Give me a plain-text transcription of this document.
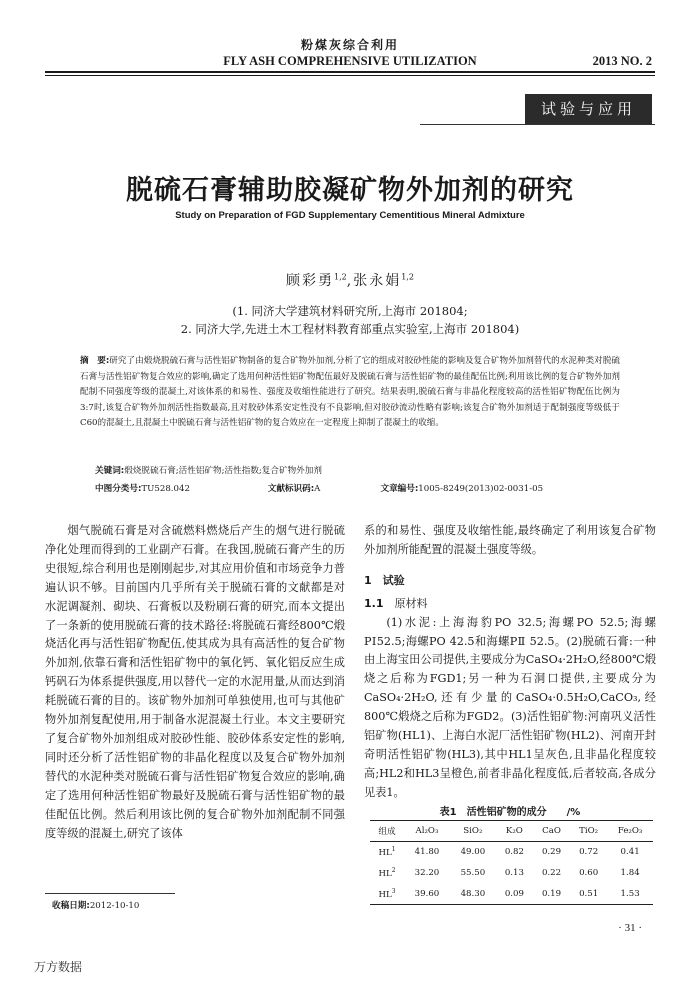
粉煤灰综合利用
FLY ASH COMPREHENSIVE UTILIZATION	2013 NO. 2
试验与应用
脱硫石膏辅助胶凝矿物外加剂的研究
Study on Preparation of FGD Supplementary Cementitious Mineral Admixture
顾彩勇$^{1,2}$,张永娟$^{1,2}$
(1. 同济大学建筑材料研究所,上海市 201804;
2. 同济大学,先进土木工程材料教育部重点实验室,上海市 201804)
摘　要:研究了由煅烧脱硫石膏与活性铝矿物制备的复合矿物外加剂,分析了它的组成对胶砂性能的影响及复合矿物外加剂替代的水泥种类对脱硫石膏与活性铝矿物复合效应的影响,确定了选用何种活性铝矿物配伍最好及脱硫石膏与活性铝矿物的最佳配伍比例;利用该比例的复合矿物外加剂配制不同强度等级的混凝土,对该体系的和易性、强度及收缩性能进行了研究。结果表明,脱硫石膏与非晶化程度较高的活性铝矿物配伍比例为3:7时,该复合矿物外加剂活性指数最高,且对胶砂体系安定性没有不良影响,但对胶砂流动性略有影响;该复合矿物外加剂适于配制强度等级低于C60的混凝土,且混凝土中脱硫石膏与活性铝矿物的复合效应在一定程度上抑制了混凝土的收缩。
关键词:煅烧脱硫石膏;活性铝矿物;活性指数;复合矿物外加剂
中图分类号:TU528.042	文献标识码:A	文章编号:1005-8249(2013)02-0031-05

烟气脱硫石膏是对含硫燃料燃烧后产生的烟气进行脱硫净化处理而得到的工业副产石膏。在我国,脱硫石膏产生的历史很短,综合利用也是刚刚起步,对其应用价值和市场竞争力普遍认识不够。目前国内几乎所有关于脱硫石膏的文献都是对水泥调凝剂、砌块、石膏板以及粉刷石膏的研究,而本文提出了一条新的使用脱硫石膏的技术路径:将脱硫石膏经800℃煅烧活化再与活性铝矿物配伍,使其成为具有高活性的复合矿物外加剂,依靠石膏和活性铝矿物中的氧化钙、氧化铝反应生成钙矾石为体系提供强度,用以替代一定的水泥用量,从而达到消耗脱硫石膏的目的。该矿物外加剂可单独使用,也可与其他矿物外加剂复配使用,用于制备水泥混凝土行业。本文主要研究了复合矿物外加剂组成对胶砂性能、胶砂体系安定性的影响,同时还分析了活性铝矿物的非晶化程度以及复合矿物外加剂替代的水泥种类对脱硫石膏与活性铝矿物复合效应的影响,确定了选用何种活性铝矿物最好及脱硫石膏与活性铝矿物的最佳配伍比例。然后利用该比例的复合矿物外加剂配制不同强度等级的混凝土,研究了该体

系的和易性、强度及收缩性能,最终确定了利用该复合矿物外加剂所能配置的混凝土强度等级。

1　试验
1.1　 原材料

(1)水泥:上海海豹PO 32.5;海螺PO 52.5;海螺PⅠ52.5;海螺PO 42.5和海螺PⅡ 52.5。(2)脱硫石膏:一种由上海宝田公司提供,主要成分为CaSO₄·2H₂O,经800℃煅烧之后称为FGD1;另一种为石洞口提供,主要成分为CaSO₄·2H₂O,还有少量的CaSO₄·0.5H₂O,CaCO₃,经800℃煅烧之后称为FGD2。(3)活性铝矿物:河南巩义活性铝矿物(HL1)、上海白水泥厂活性铝矿物(HL2)、河南开封奇明活性铝矿物(HL3),其中HL1呈灰色,且非晶化程度较高;HL2和HL3呈橙色,前者非晶化程度低,后者较高,各成分见表1。

表1　活性铝矿物的成分　　/%
组成	Al₂O₃	SiO₂	K₂O	CaO	TiO₂	Fe₂O₃
$HL^1$	41.80	49.00	0.82	0.29	0.72	0.41
$HL^2$	32.20	55.50	0.13	0.22	0.60	1.84
$HL^3$	39.60	48.30	0.09	0.19	0.51	1.53
收稿日期:2012-10-10
· 31 ·
万方数据
